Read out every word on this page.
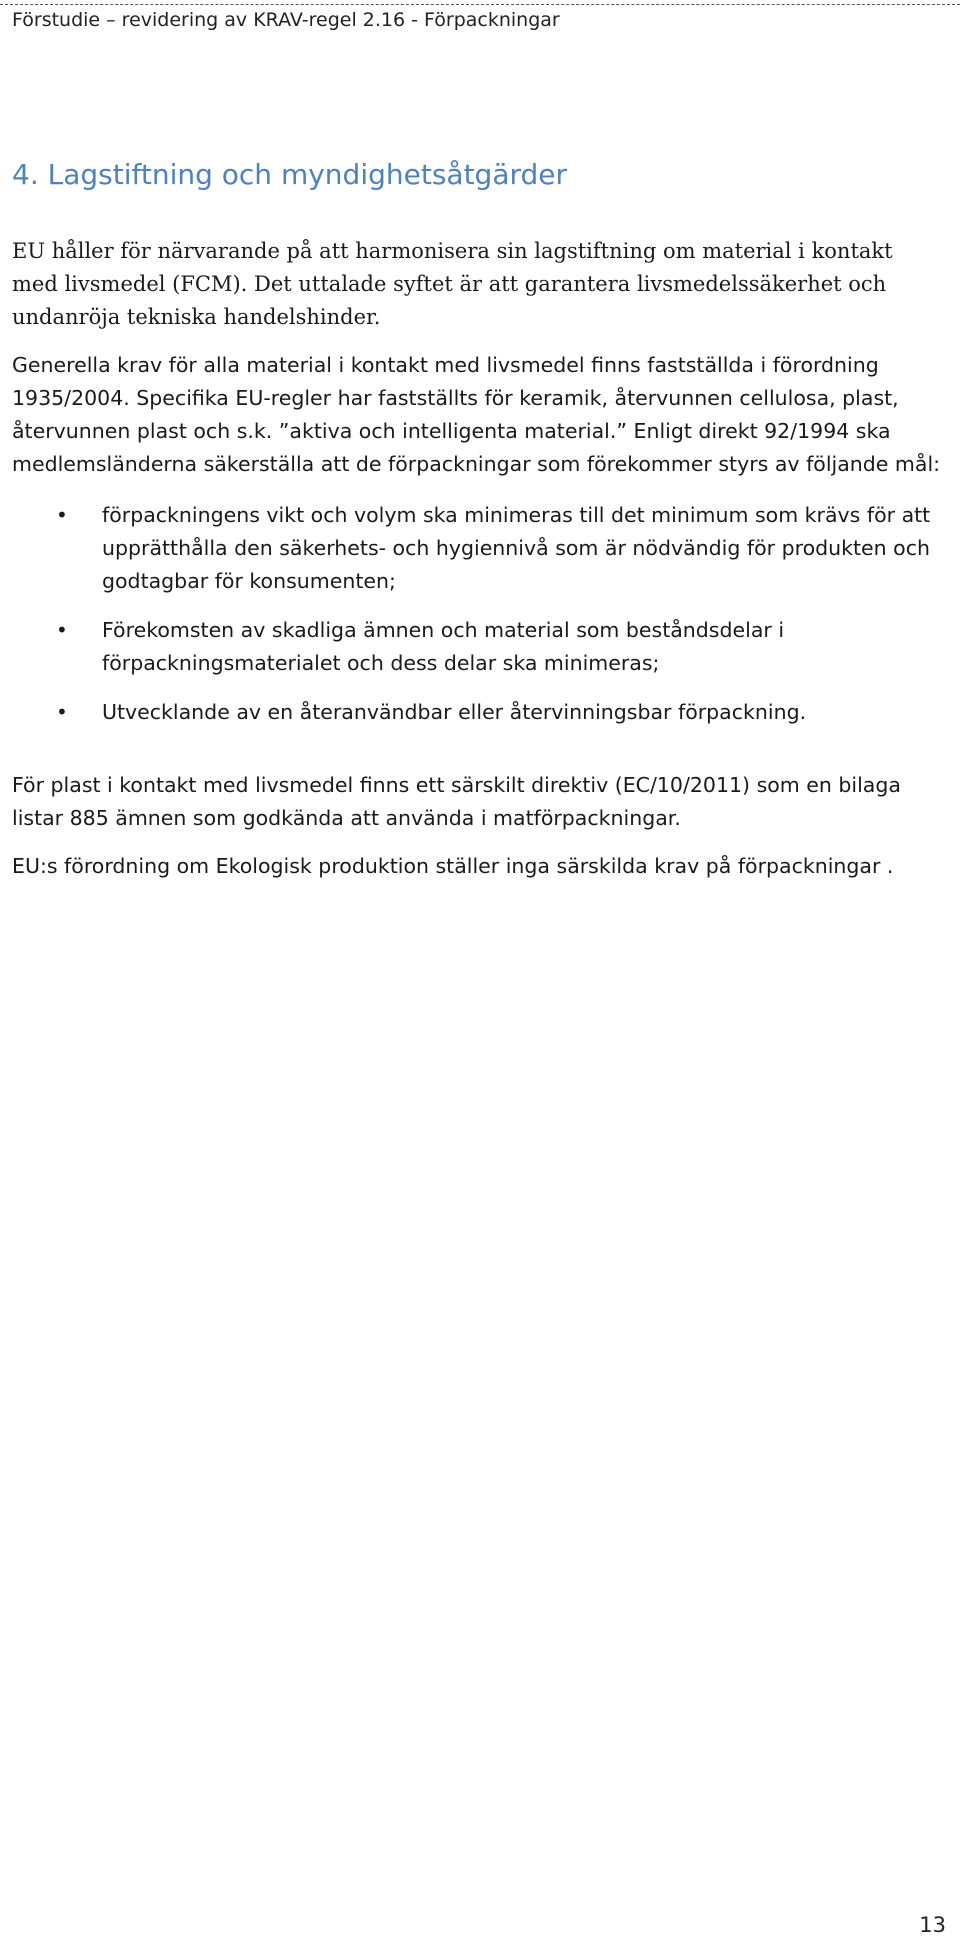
Förstudie – revidering av KRAV-regel 2.16 - Förpackningar
4. Lagstiftning och myndighetsåtgärder

EU håller för närvarande på att harmonisera sin lagstiftning om material i kontakt med livsmedel (FCM). Det uttalade syftet är att garantera livsmedelssäkerhet och undanröja tekniska handelshinder.

Generella krav för alla material i kontakt med livsmedel finns fastställda i förordning 1935/2004. Specifika EU-regler har fastställts för keramik, återvunnen cellulosa, plast, återvunnen plast och s.k. ”aktiva och intelligenta material.” Enligt direkt 92/1994 ska medlemsländerna säkerställa att de förpackningar som förekommer styrs av följande mål:

• förpackningens vikt och volym ska minimeras till det minimum som krävs för att upprätthålla den säkerhets- och hygiennivå som är nödvändig för produkten och godtagbar för konsumenten;
• Förekomsten av skadliga ämnen och material som beståndsdelar i förpackningsmaterialet och dess delar ska minimeras;
• Utvecklande av en återanvändbar eller återvinningsbar förpackning.

För plast i kontakt med livsmedel finns ett särskilt direktiv (EC/10/2011) som en bilaga listar 885 ämnen som godkända att använda i matförpackningar.

EU:s förordning om Ekologisk produktion ställer inga särskilda krav på förpackningar .

13
